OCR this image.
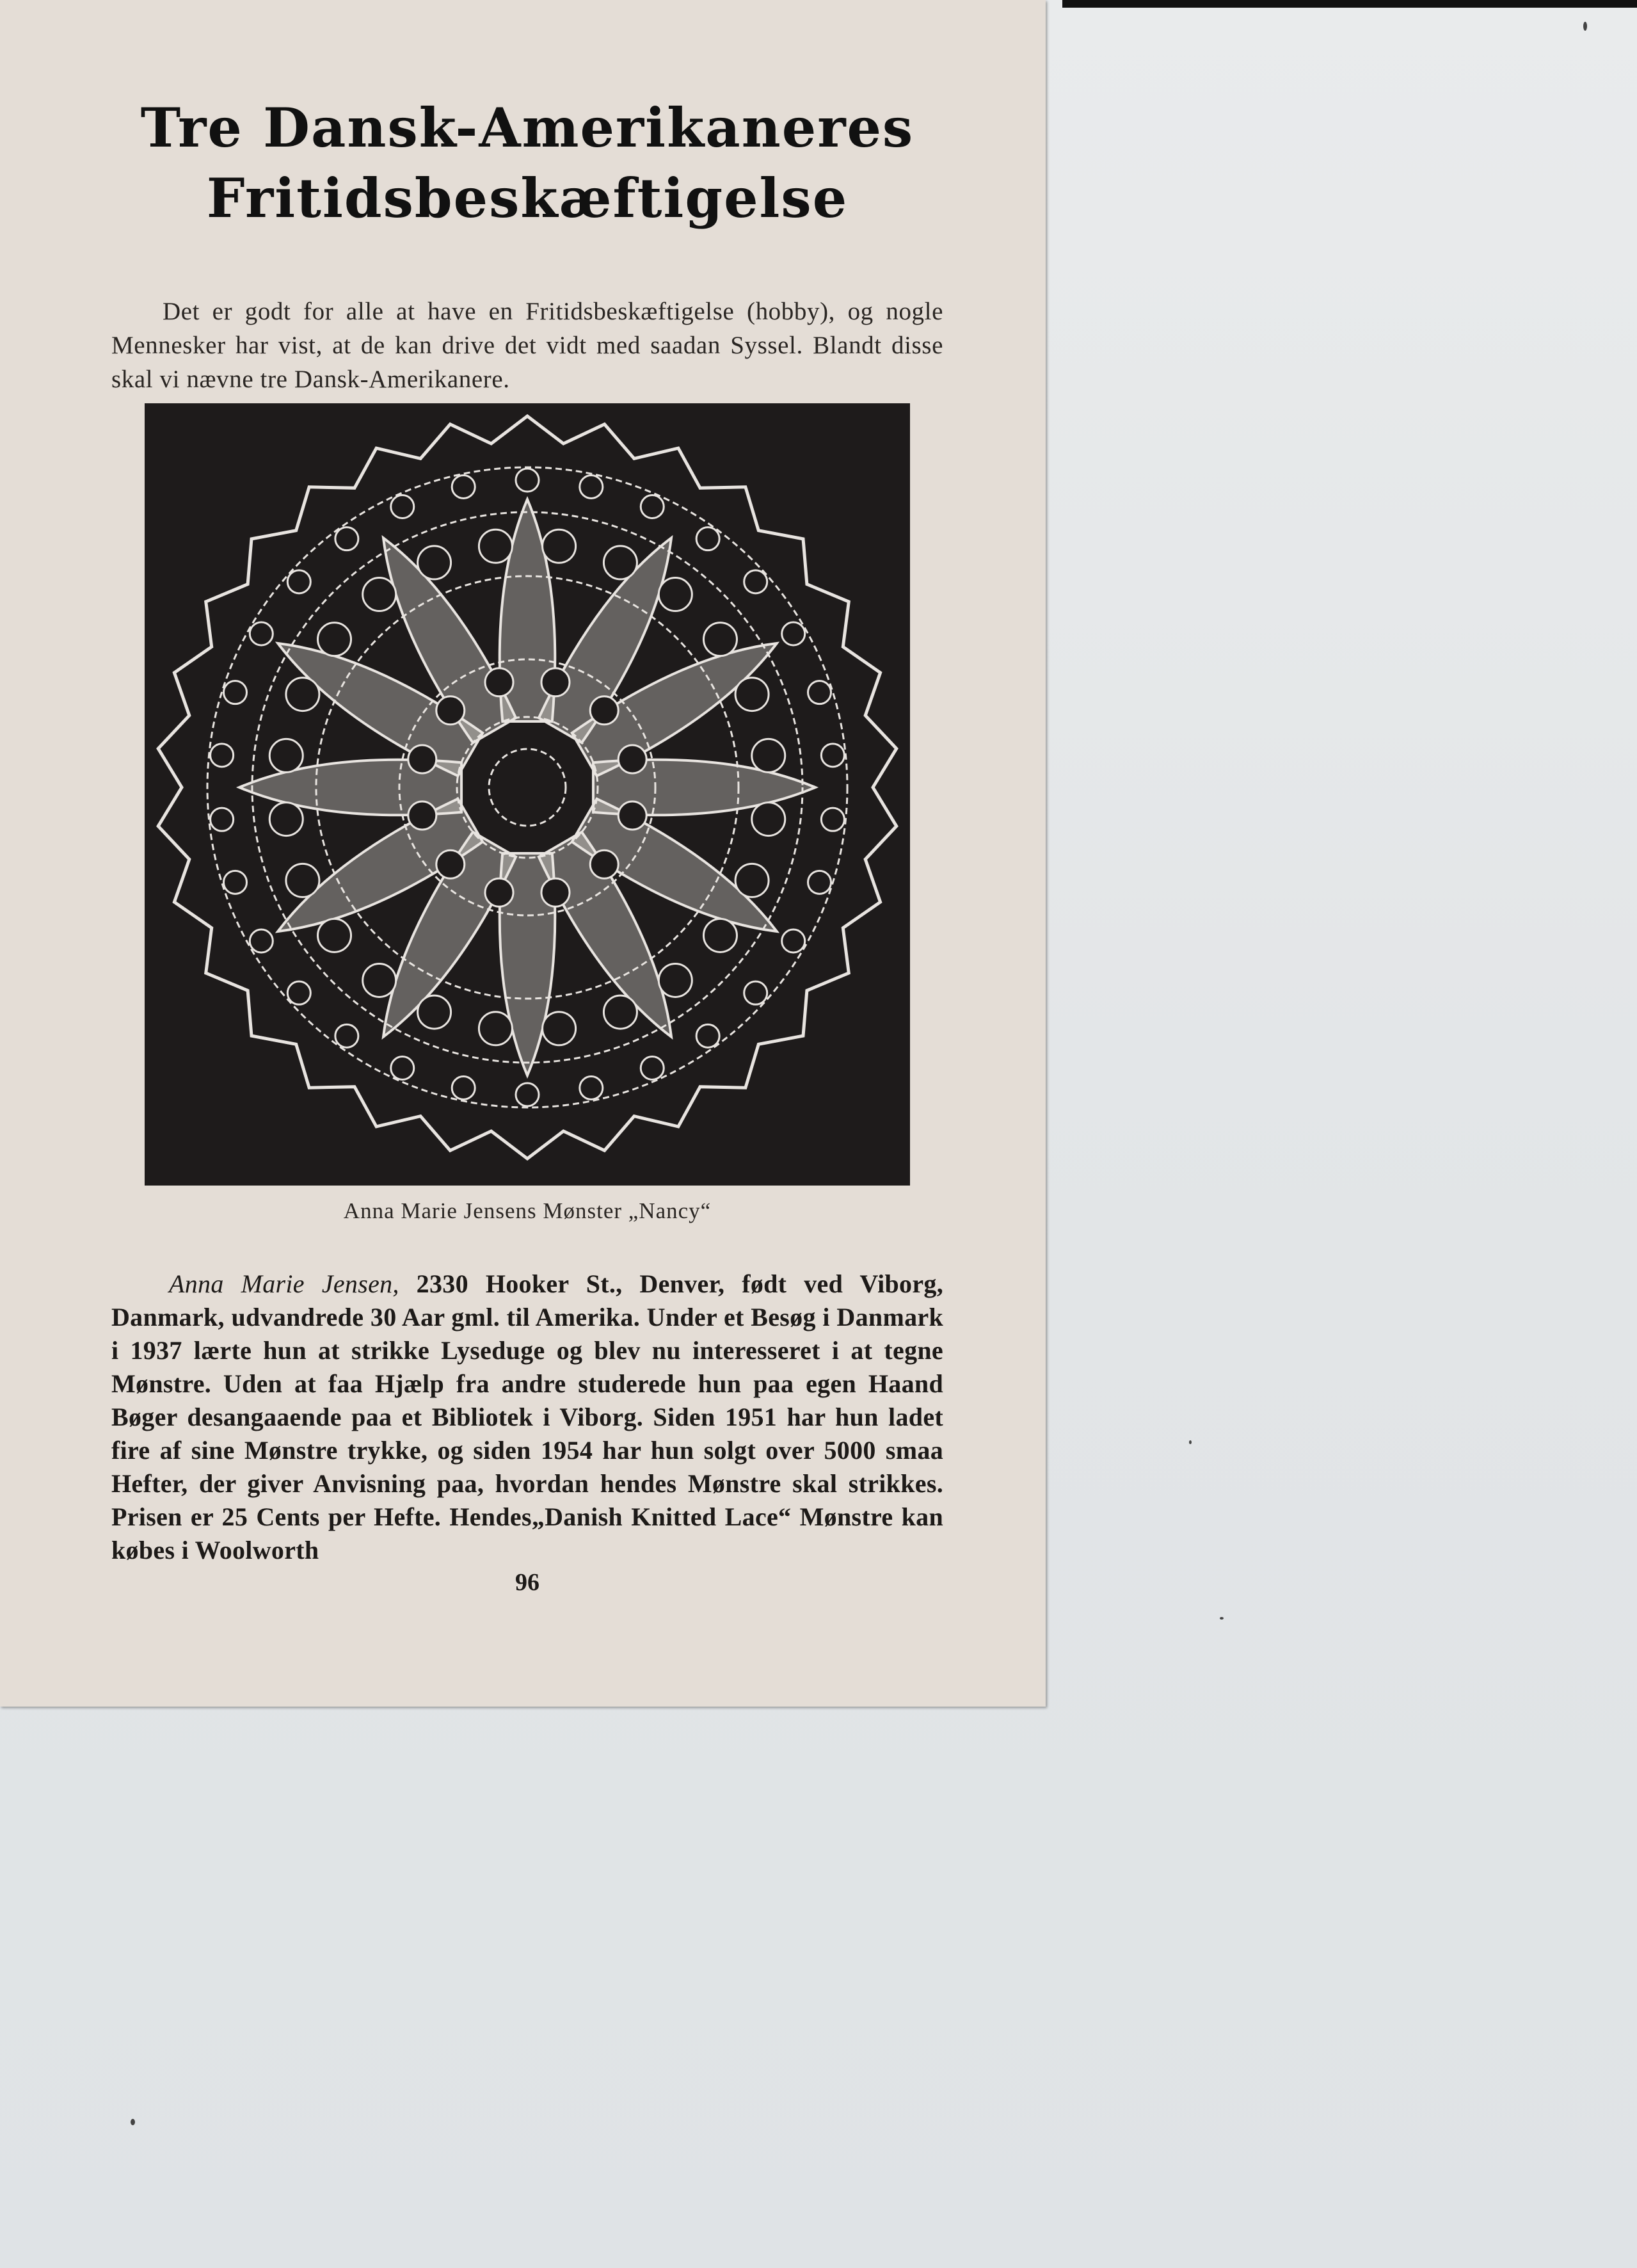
Tre Dansk-Amerikaneres
Fritidsbeskæftigelse

Det er godt for alle at have en Fritidsbeskæftigelse (hobby), og nogle Mennesker har vist, at de kan drive det vidt med saadan Syssel. Blandt disse skal vi nævne tre Dansk-Amerikanere.

Anna Marie Jensens Mønster „Nancy“

Anna Marie Jensen, 2330 Hooker St., Denver, født ved Viborg, Danmark, udvandrede 30 Aar gml. til Amerika. Under et Besøg i Danmark i 1937 lærte hun at strikke Lyseduge og blev nu interesseret i at tegne Mønstre. Uden at faa Hjælp fra andre studerede hun paa egen Haand Bøger desangaaende paa et Bibliotek i Viborg. Siden 1951 har hun ladet fire af sine Mønstre trykke, og siden 1954 har hun solgt over 5000 smaa Hefter, der giver Anvisning paa, hvordan hendes Mønstre skal strikkes. Prisen er 25 Cents per Hefte. Hendes„Danish Knitted Lace“ Mønstre kan købes i Woolworth

96
